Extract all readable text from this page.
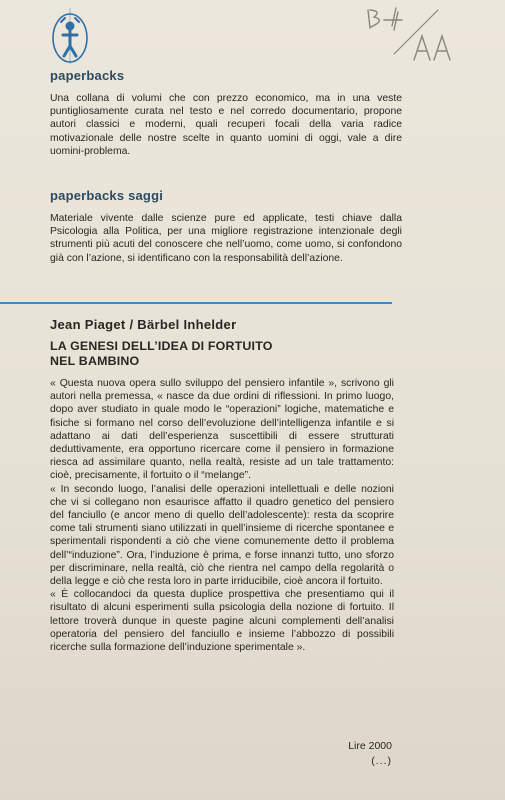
paperbacks
Una collana di volumi che con prezzo economico, ma in una veste puntigliosamente curata nel testo e nel corredo documentario, propone autori classici e moderni, quali recuperi focali della varia radice motivazionale delle nostre scelte in quanto uomini di oggi, vale a dire uomini-problema.
paperbacks saggi
Materiale vivente dalle scienze pure ed applicate, testi chiave dalla Psicologia alla Politica, per una migliore registrazione intenzionale degli strumenti più acuti del conoscere che nell’uomo, come uomo, si confondono già con l’azione, si identificano con la responsabilità dell’azione.
Jean Piaget / Bärbel Inhelder
LA GENESI DELL’IDEA DI FORTUITO
NEL BAMBINO

« Questa nuova opera sullo sviluppo del pensiero infantile », scrivono gli autori nella premessa, « nasce da due ordini di riflessioni. In primo luogo, dopo aver studiato in quale modo le “operazioni” logiche, matematiche e fisiche si formano nel corso dell’evoluzione dell’intelligenza infantile e si adattano ai dati dell’esperienza suscettibili di essere strutturati deduttivamente, era opportuno ricercare come il pensiero in formazione riesca ad assimilare quanto, nella realtà, resiste ad un tale trattamento: cioè, precisamente, il fortuito o il “melange”.

« In secondo luogo, l’analisi delle operazioni intellettuali e delle nozioni che vi si collegano non esaurisce affatto il quadro genetico del pensiero del fanciullo (e ancor meno di quello dell’adolescente): resta da scoprire come tali strumenti siano utilizzati in quell’insieme di ricerche spontanee e sperimentali rispondenti a ciò che viene comunemente detto il problema dell’“induzione”. Ora, l’induzione è prima, e forse innanzi tutto, uno sforzo per discriminare, nella realtà, ciò che rientra nel campo della regolarità o della legge e ciò che resta loro in parte irriducibile, cioè ancora il fortuito.

« È collocandoci da questa duplice prospettiva che presentiamo qui il risultato di alcuni esperimenti sulla psicologia della nozione di fortuito. Il lettore troverà dunque in queste pagine alcuni complementi dell’analisi operatoria del pensiero del fanciullo e insieme l’abbozzo di possibili ricerche sulla formazione dell’induzione sperimentale ».

Lire 2000
(...)
